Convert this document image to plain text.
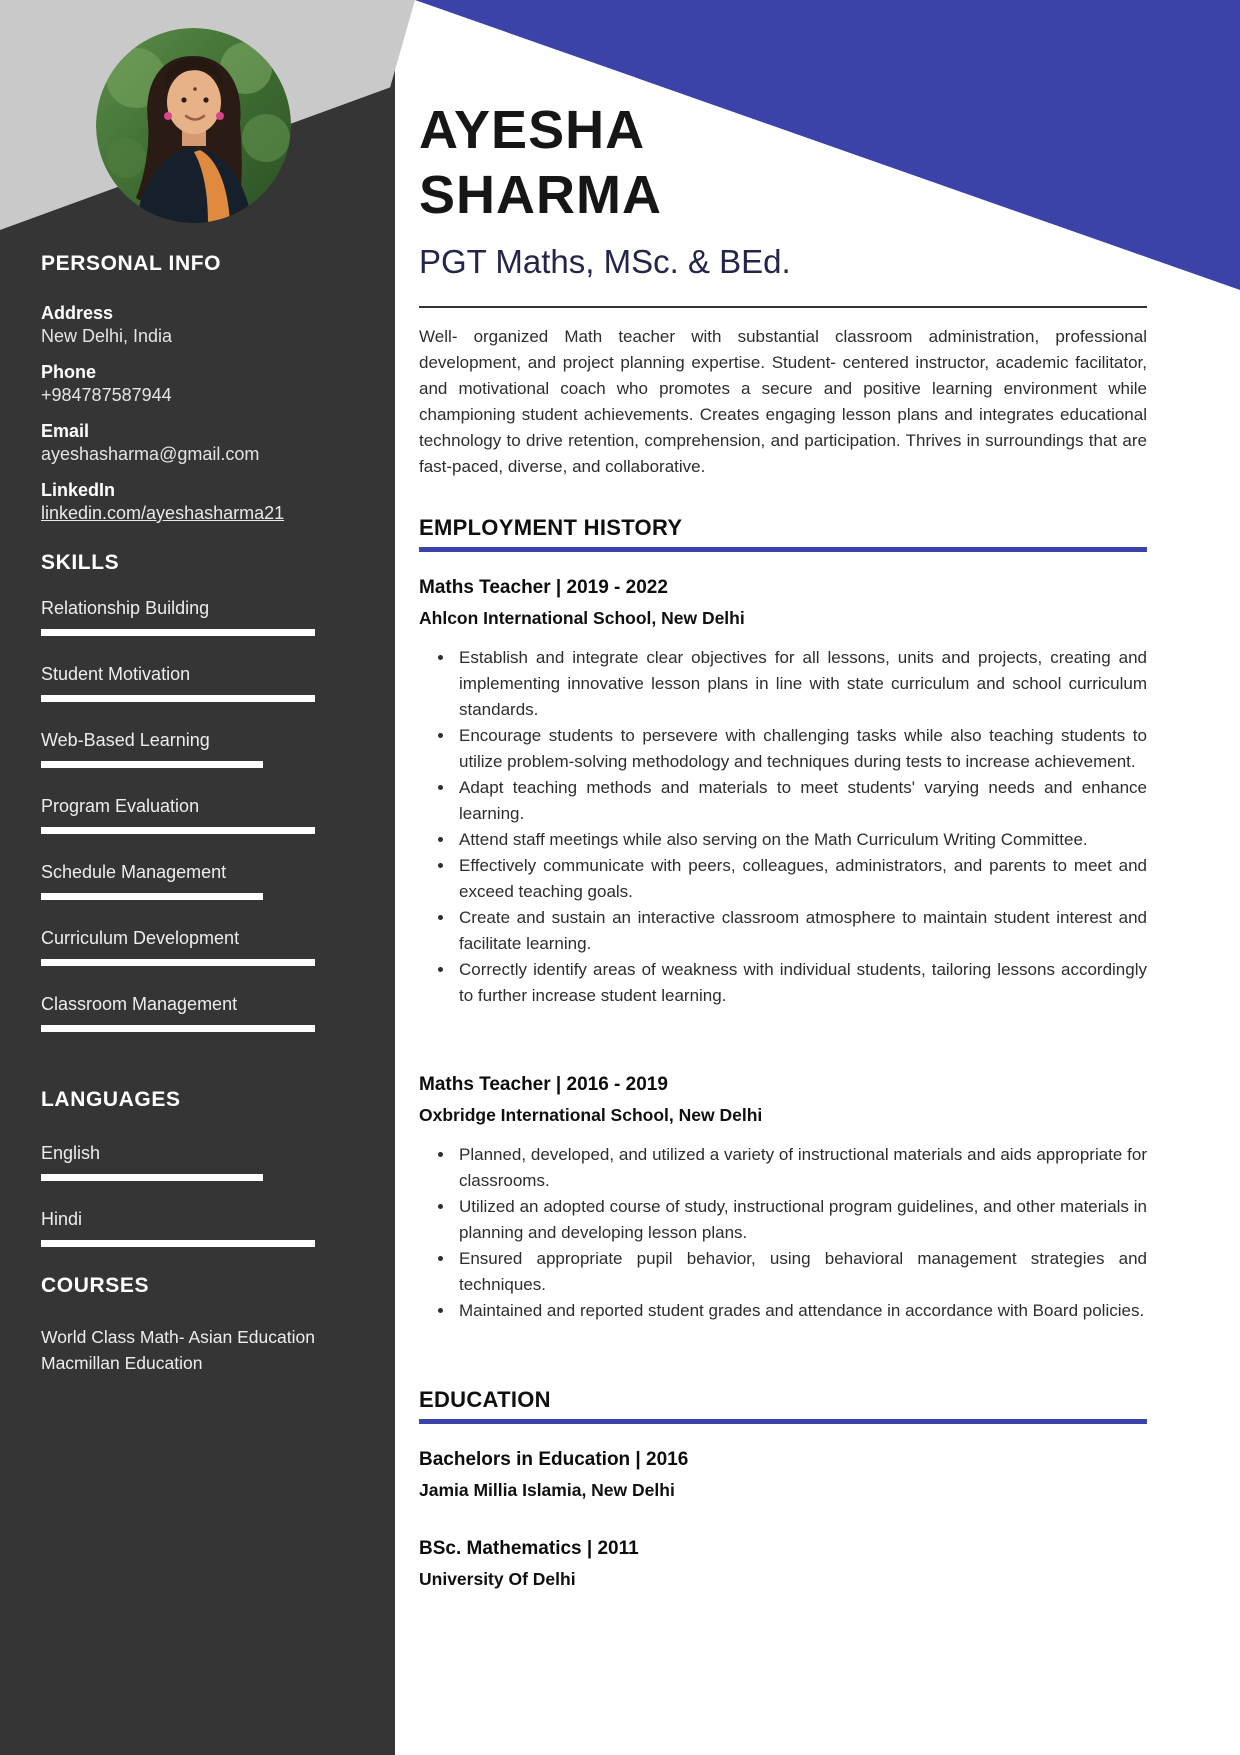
PERSONAL INFO
Address
New Delhi, India
Phone
+984787587944
Email
ayeshasharma@gmail.com
LinkedIn
linkedin.com/ayeshasharma21
SKILLS
Relationship Building
Student Motivation
Web-Based Learning
Program Evaluation
Schedule Management
Curriculum Development
Classroom Management
LANGUAGES
English
Hindi
COURSES
World Class Math- Asian Education
Macmillan Education
AYESHA
SHARMA
PGT Maths, MSc. & BEd.

Well- organized Math teacher with substantial classroom administration, professional development, and project planning expertise. Student- centered instructor, academic facilitator, and motivational coach who promotes a secure and positive learning environment while championing student achievements. Creates engaging lesson plans and integrates educational technology to drive retention, comprehension, and participation. Thrives in surroundings that are fast-paced, diverse, and collaborative.

EMPLOYMENT HISTORY
Maths Teacher | 2019 - 2022
Ahlcon International School, New Delhi
• Establish and integrate clear objectives for all lessons, units and projects, creating and implementing innovative lesson plans in line with state curriculum and school curriculum standards.
• Encourage students to persevere with challenging tasks while also teaching students to utilize problem-solving methodology and techniques during tests to increase achievement.
• Adapt teaching methods and materials to meet students' varying needs and enhance learning.
• Attend staff meetings while also serving on the Math Curriculum Writing Committee.
• Effectively communicate with peers, colleagues, administrators, and parents to meet and exceed teaching goals.
• Create and sustain an interactive classroom atmosphere to maintain student interest and facilitate learning.
• Correctly identify areas of weakness with individual students, tailoring lessons accordingly to further increase student learning.
Maths Teacher | 2016 - 2019
Oxbridge International School, New Delhi
• Planned, developed, and utilized a variety of instructional materials and aids appropriate for classrooms.
• Utilized an adopted course of study, instructional program guidelines, and other materials in planning and developing lesson plans.
• Ensured appropriate pupil behavior, using behavioral management strategies and techniques.
• Maintained and reported student grades and attendance in accordance with Board policies.
EDUCATION
Bachelors in Education | 2016
Jamia Millia Islamia, New Delhi
BSc. Mathematics | 2011
University Of Delhi
